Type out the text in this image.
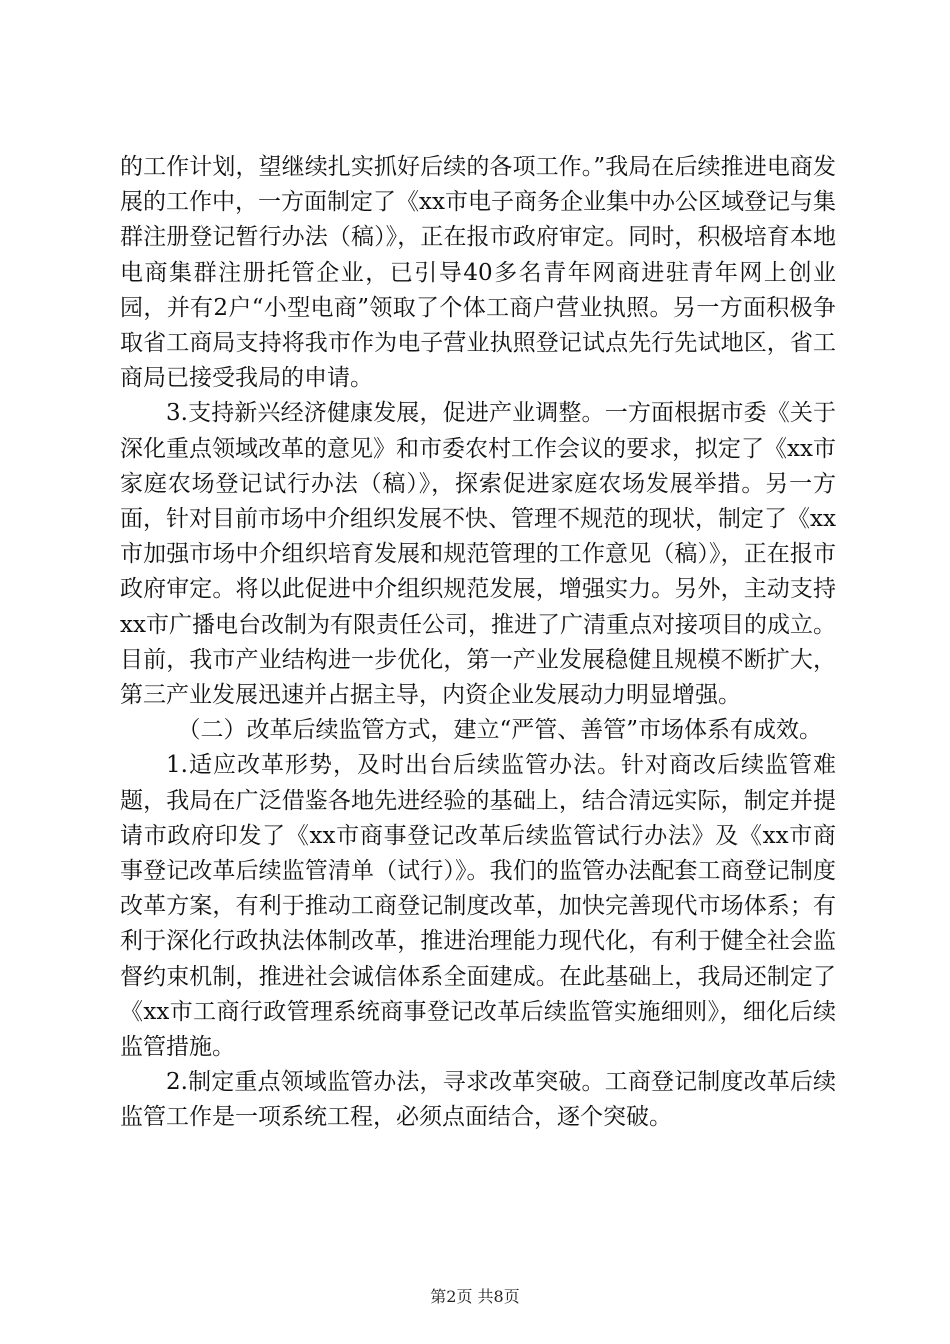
的工作计划，望继续扎实抓好后续的各项工作。”我局在后续推进电商发展的工作中，一方面制定了《xx市电子商务企业集中办公区域登记与集群注册登记暂行办法（稿）》，正在报市政府审定。同时，积极培育本地电商集群注册托管企业，已引导40多名青年网商进驻青年网上创业园，并有2户“小型电商”领取了个体工商户营业执照。另一方面积极争取省工商局支持将我市作为电子营业执照登记试点先行先试地区，省工商局已接受我局的申请。

3.支持新兴经济健康发展，促进产业调整。一方面根据市委《关于深化重点领域改革的意见》和市委农村工作会议的要求，拟定了《xx市家庭农场登记试行办法（稿）》，探索促进家庭农场发展举措。另一方面，针对目前市场中介组织发展不快、管理不规范的现状，制定了《xx市加强市场中介组织培育发展和规范管理的工作意见（稿）》，正在报市政府审定。将以此促进中介组织规范发展，增强实力。另外，主动支持xx市广播电台改制为有限责任公司，推进了广清重点对接项目的成立。目前，我市产业结构进一步优化，第一产业发展稳健且规模不断扩大，第三产业发展迅速并占据主导，内资企业发展动力明显增强。

（二）改革后续监管方式，建立“严管、善管”市场体系有成效。

1.适应改革形势，及时出台后续监管办法。针对商改后续监管难题，我局在广泛借鉴各地先进经验的基础上，结合清远实际，制定并提请市政府印发了《xx市商事登记改革后续监管试行办法》及《xx市商事登记改革后续监管清单（试行）》。我们的监管办法配套工商登记制度改革方案，有利于推动工商登记制度改革，加快完善现代市场体系；有利于深化行政执法体制改革，推进治理能力现代化，有利于健全社会监督约束机制，推进社会诚信体系全面建成。在此基础上，我局还制定了《xx市工商行政管理系统商事登记改革后续监管实施细则》，细化后续监管措施。

2.制定重点领域监管办法，寻求改革突破。工商登记制度改革后续监管工作是一项系统工程，必须点面结合，逐个突破。

第2页 共8页
